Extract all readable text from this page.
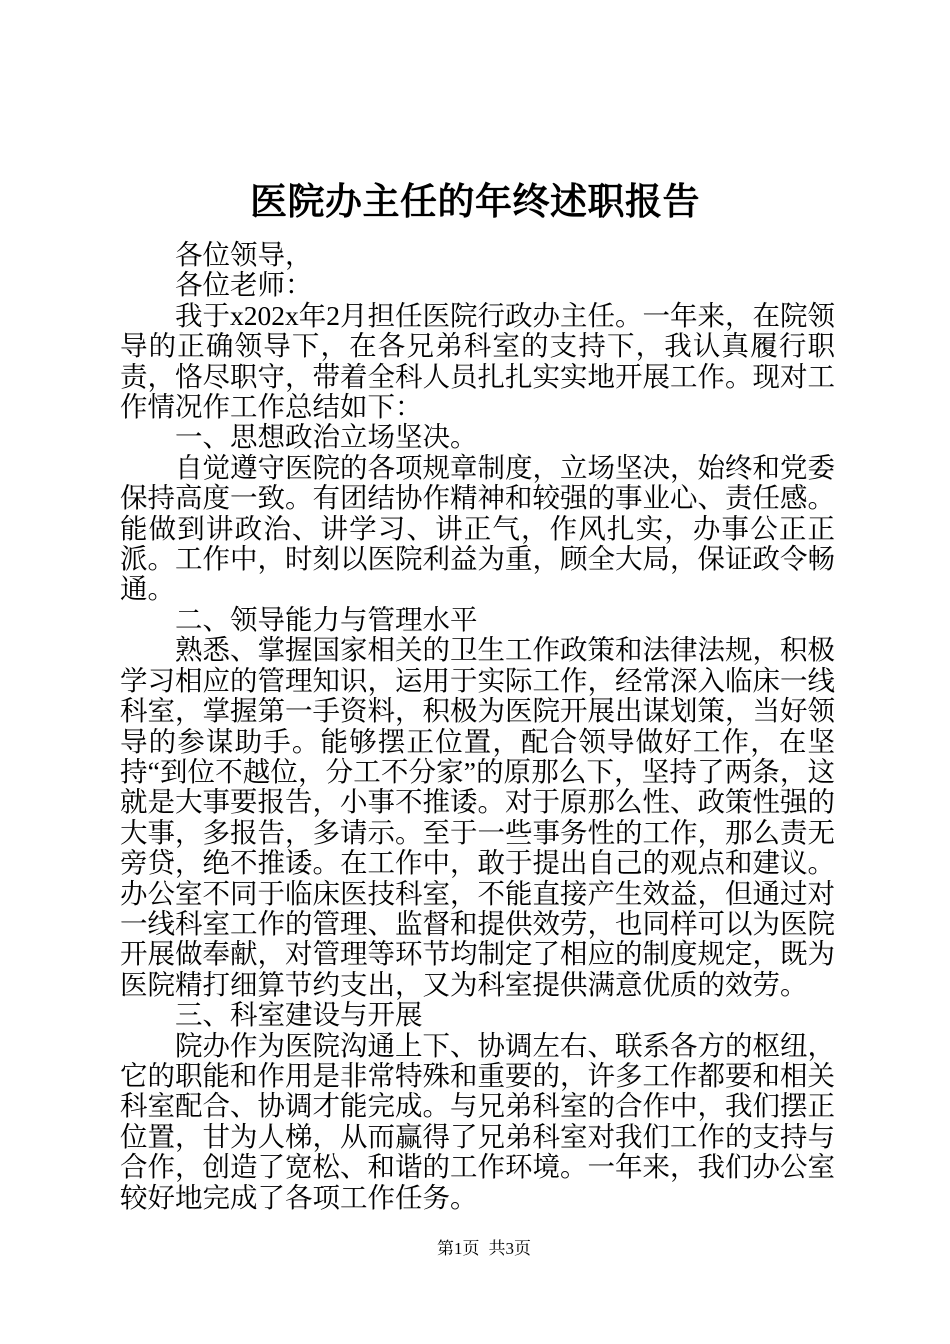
医院办主任的年终述职报告

各位领导，

各位老师：

我于x202x年2月担任医院行政办主任。一年来，在院领导的正确领导下，在各兄弟科室的支持下，我认真履行职责，恪尽职守，带着全科人员扎扎实实地开展工作。现对工作情况作工作总结如下：

一、思想政治立场坚决。

自觉遵守医院的各项规章制度，立场坚决，始终和党委保持高度一致。有团结协作精神和较强的事业心、责任感。能做到讲政治、讲学习、讲正气，作风扎实，办事公正正派。工作中，时刻以医院利益为重，顾全大局，保证政令畅通。

二、领导能力与管理水平

熟悉、掌握国家相关的卫生工作政策和法律法规，积极学习相应的管理知识，运用于实际工作，经常深入临床一线科室，掌握第一手资料，积极为医院开展出谋划策，当好领导的参谋助手。能够摆正位置，配合领导做好工作，在坚持“到位不越位，分工不分家”的原那么下，坚持了两条，这就是大事要报告，小事不推诿。对于原那么性、政策性强的大事，多报告，多请示。至于一些事务性的工作，那么责无旁贷，绝不推诿。在工作中，敢于提出自己的观点和建议。办公室不同于临床医技科室，不能直接产生效益，但通过对一线科室工作的管理、监督和提供效劳，也同样可以为医院开展做奉献，对管理等环节均制定了相应的制度规定，既为医院精打细算节约支出，又为科室提供满意优质的效劳。

三、科室建设与开展

院办作为医院沟通上下、协调左右、联系各方的枢纽，它的职能和作用是非常特殊和重要的，许多工作都要和相关科室配合、协调才能完成。与兄弟科室的合作中，我们摆正位置，甘为人梯，从而赢得了兄弟科室对我们工作的支持与合作，创造了宽松、和谐的工作环境。一年来，我们办公室较好地完成了各项工作任务。

第1页 共3页
